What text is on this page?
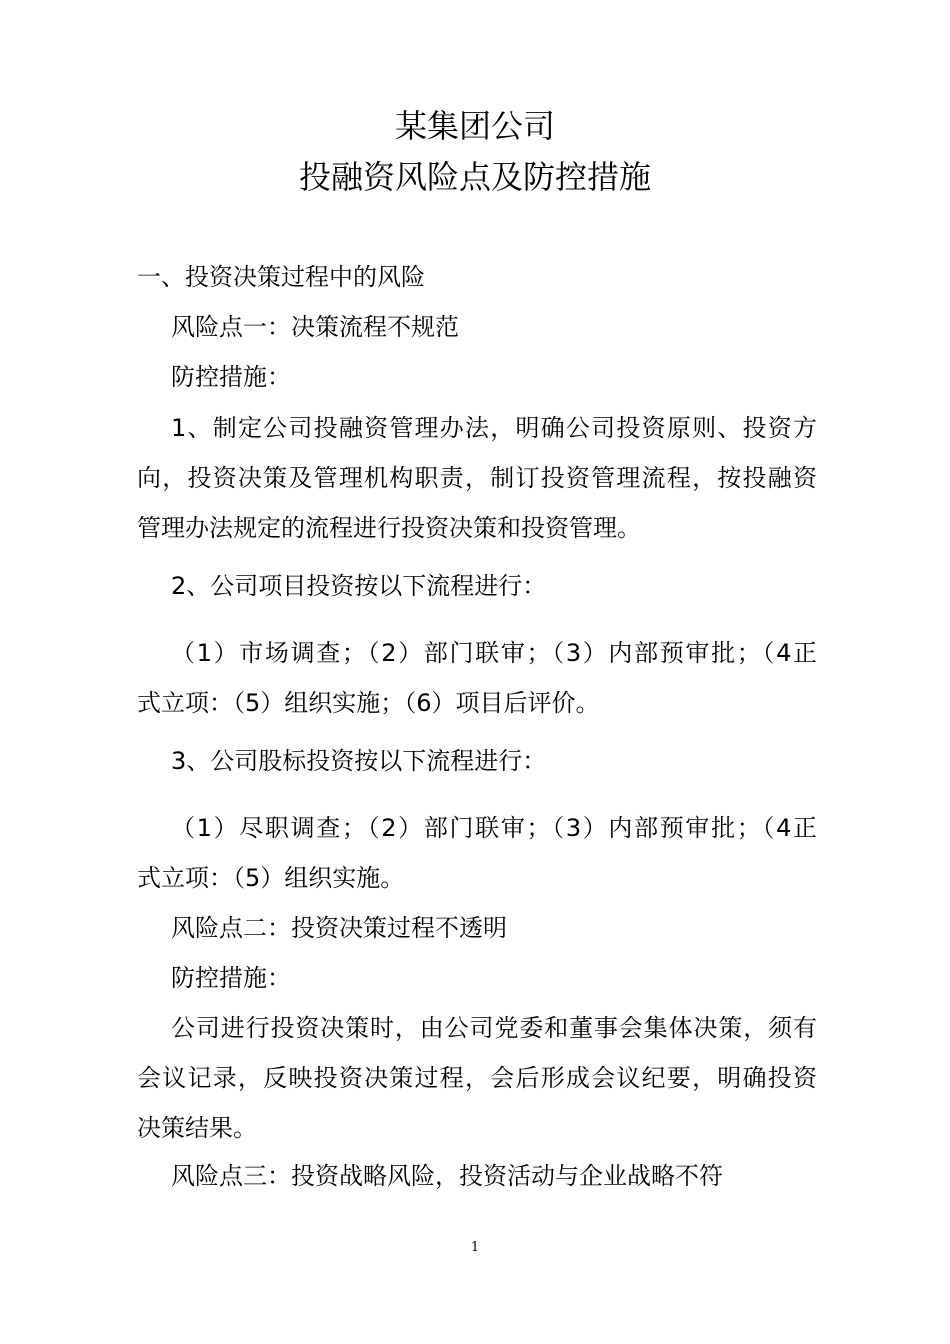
某集团公司
投融资风险点及防控措施
一、投资决策过程中的风险
风险点一：决策流程不规范
防控措施：
1、制定公司投融资管理办法，明确公司投资原则、投资方
向，投资决策及管理机构职责，制订投资管理流程，按投融资
管理办法规定的流程进行投资决策和投资管理。
2、公司项目投资按以下流程进行：
（1）市场调查；（2）部门联审；（3）内部预审批；（4正
式立项：（5）组织实施；（6）项目后评价。
3、公司股标投资按以下流程进行：
（1）尽职调查；（2）部门联审；（3）内部预审批；（4正
式立项：（5）组织实施。
风险点二：投资决策过程不透明
防控措施：
公司进行投资决策时，由公司党委和董事会集体决策，须有
会议记录，反映投资决策过程，会后形成会议纪要，明确投资
决策结果。
风险点三：投资战略风险，投资活动与企业战略不符
1
